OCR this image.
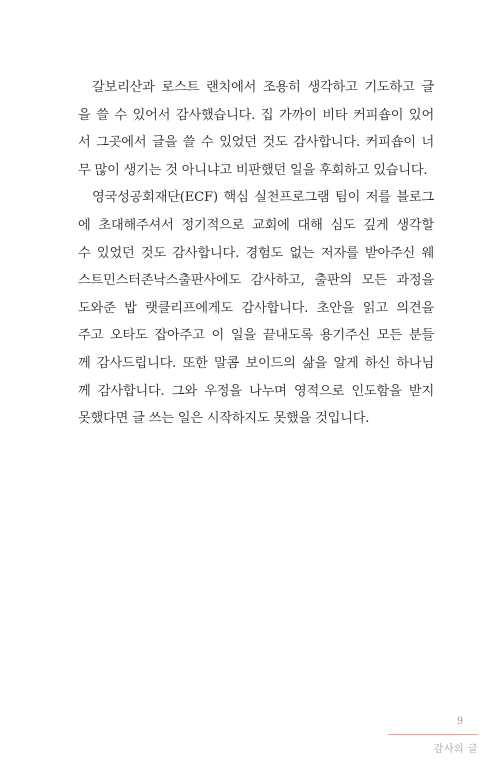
갈보리산과 로스트 랜치에서 조용히 생각하고 기도하고 글
을 쓸 수 있어서 감사했습니다. 집 가까이 비타 커피숍이 있어
서 그곳에서 글을 쓸 수 있었던 것도 감사합니다. 커피숍이 너
무 많이 생기는 것 아니냐고 비판했던 일을 후회하고 있습니다.
영국성공회재단(ECF) 핵심 실천프로그램 팀이 저를 블로그
에 초대해주셔서 정기적으로 교회에 대해 심도 깊게 생각할
수 있었던 것도 감사합니다. 경험도 없는 저자를 받아주신 웨
스트민스터존낙스출판사에도 감사하고, 출판의 모든 과정을
도와준 밥 랫클리프에게도 감사합니다. 초안을 읽고 의견을
주고 오타도 잡아주고 이 일을 끝내도록 용기주신 모든 분들
께 감사드립니다. 또한 말콤 보이드의 삶을 알게 하신 하나님
께 감사합니다. 그와 우정을 나누며 영적으로 인도함을 받지
못했다면 글 쓰는 일은 시작하지도 못했을 것입니다.
9
감사의 글
